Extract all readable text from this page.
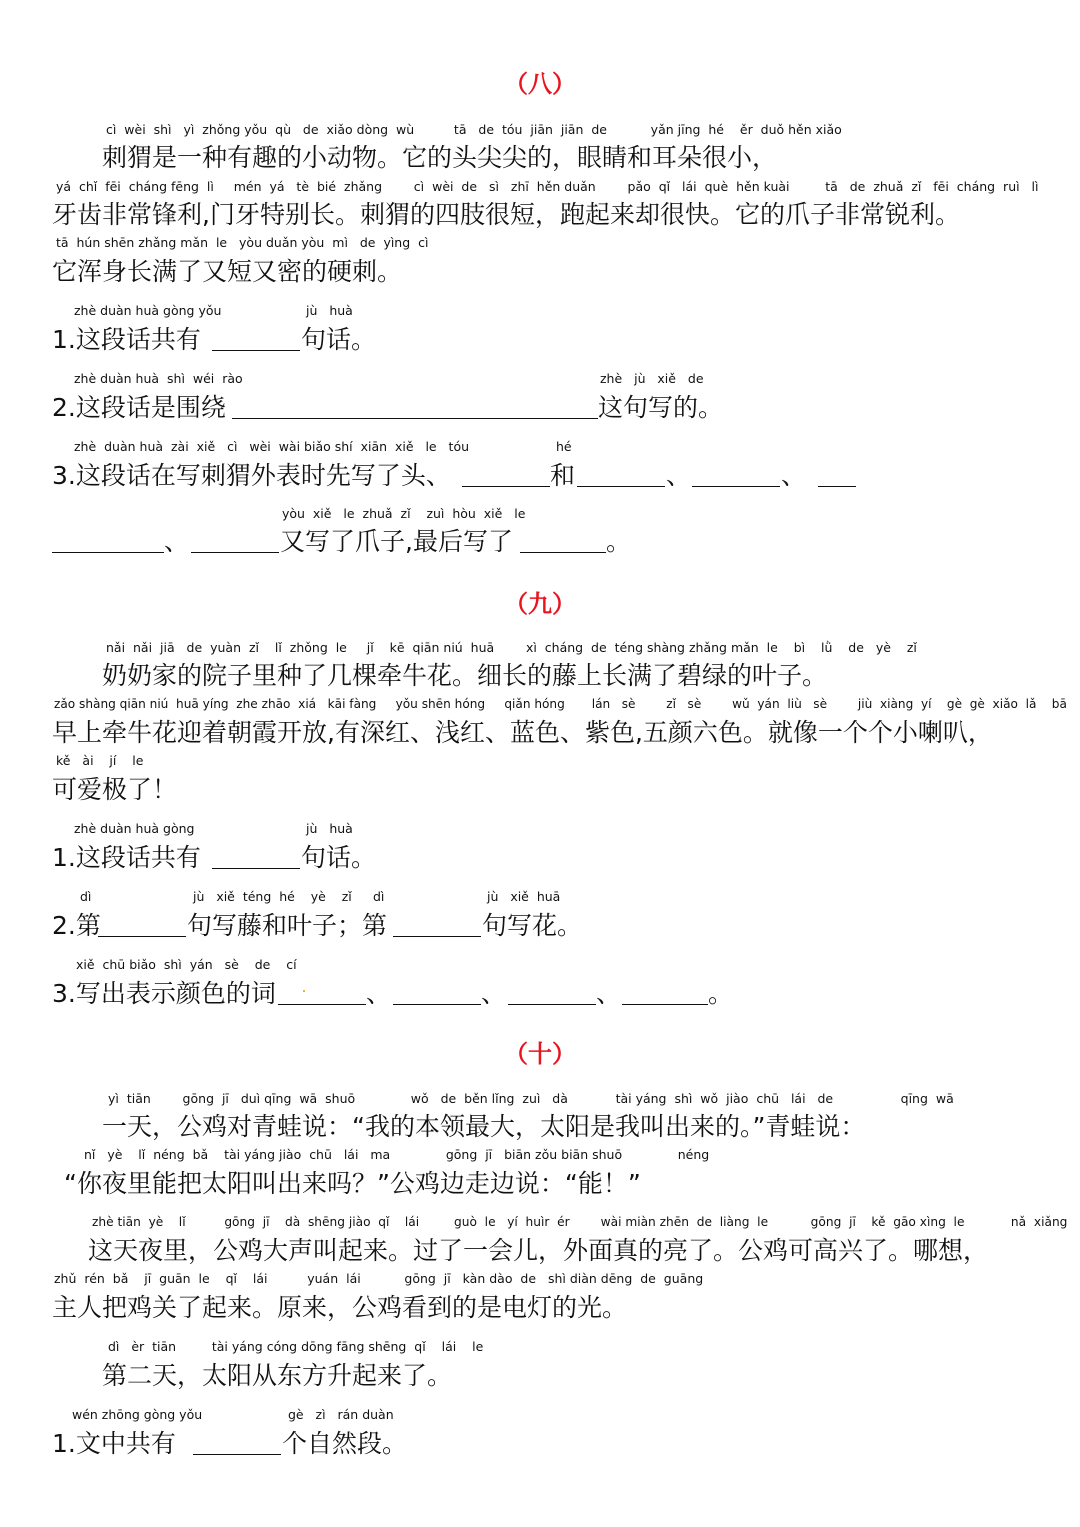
（八）
cì  wèi  shì   yì  zhǒng yǒu  qù   de  xiǎo dòng  wù          tā   de  tóu  jiān  jiān  de           yǎn jīng  hé    ěr  duǒ hěn xiǎo
刺猬是一种有趣的小动物。它的头尖尖的，眼睛和耳朵很小，
yá  chǐ  fēi  cháng fēng  lì     mén  yá   tè  bié  zhǎng        cì  wèi  de   sì   zhī  hěn duǎn        pǎo  qǐ   lái  què  hěn kuài         tā   de  zhuǎ  zǐ   fēi  cháng  ruì   lì
牙齿非常锋利,门牙特别长。刺猬的四肢很短，跑起来却很快。它的爪子非常锐利。
tā  hún shēn zhǎng mǎn  le   yòu duǎn yòu  mì   de  yìng  cì
它浑身长满了又短又密的硬刺。
zhè duàn huà gòng yǒu
1.这段话共有
jù   huà
句话。
zhè duàn huà  shì  wéi  rào
2.这段话是围绕
zhè   jù   xiě   de
这句写的。
zhè  duàn huà  zài  xiě   cì   wèi  wài biǎo shí  xiān  xiě   le   tóu
3.这段话在写刺猬外表时先写了头、
hé
和	、	、
、
yòu  xiě   le  zhuǎ  zǐ    zuì  hòu  xiě   le
又写了爪子,最后写了	。
（九）
nǎi  nǎi  jiā   de  yuàn  zǐ    lǐ  zhǒng  le     jǐ    kē  qiān niú  huā        xì  cháng  de  téng shàng zhǎng mǎn  le    bì    lǜ    de   yè    zǐ
奶奶家的院子里种了几棵牵牛花。细长的藤上长满了碧绿的叶子。
zǎo shàng qiān niú  huā yíng  zhe zhāo  xiá   kāi fàng     yǒu shēn hóng     qiǎn hóng       lán   sè        zǐ   sè        wǔ  yán  liù   sè        jiù  xiàng  yí    gè  gè  xiǎo  lǎ    bā
早上牵牛花迎着朝霞开放,有深红、浅红、蓝色、紫色,五颜六色。就像一个个小喇叭，
kě   ài    jí    le
可爱极了！
zhè duàn huà gòng
1.这段话共有
jù   huà
句话。
dì
2.第
jù   xiě  téng  hé    yè    zǐ
句写藤和叶子；第
dì	jù   xiě  huā
句写花。
xiě  chū biǎo  shì  yán   sè    de    cí
3.写出表示颜色的词	、	、	、	。
（十）
yì  tiān        gōng  jī   duì qīng  wā  shuō              wǒ   de  běn lǐng  zuì   dà            tài yáng  shì  wǒ  jiào  chū   lái   de                 qīng  wā
一天，公鸡对青蛙说：“我的本领最大，太阳是我叫出来的。”青蛙说：
nǐ   yè    lǐ  néng  bǎ    tài yáng jiào  chū   lái   ma              gōng  jī   biān zǒu biān shuō              néng
“你夜里能把太阳叫出来吗？”公鸡边走边说：“能！”
zhè tiān  yè    lǐ          gōng  jī    dà  shēng jiào  qǐ    lái         guò  le   yí  huìr  ér        wài miàn zhēn  de  liàng  le           gōng  jī    kě  gāo xìng  le            nǎ  xiǎng
这天夜里，公鸡大声叫起来。过了一会儿，外面真的亮了。公鸡可高兴了。哪想，
zhǔ  rén  bǎ    jī  guān  le    qǐ    lái          yuán  lái           gōng  jī   kàn dào  de   shì diàn dēng  de  guāng
主人把鸡关了起来。原来，公鸡看到的是电灯的光。
dì   èr  tiān         tài yáng cóng dōng fāng shēng  qǐ    lái    le
第二天，太阳从东方升起来了。
wén zhōng gòng yǒu
1.文中共有
gè   zì   rán duàn
个自然段。
